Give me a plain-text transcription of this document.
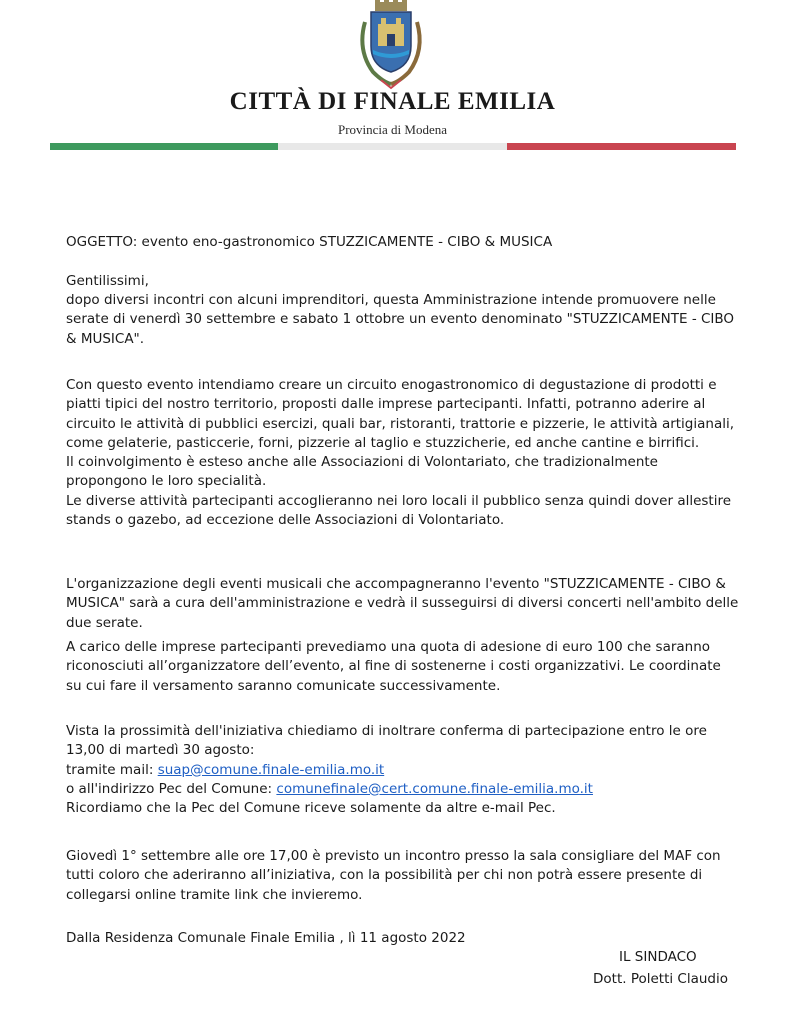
CITTÀ DI FINALE EMILIA
Provincia di Modena
OGGETTO: evento eno-gastronomico STUZZICAMENTE - CIBO & MUSICA
Gentilissimi,
dopo diversi incontri con alcuni imprenditori, questa Amministrazione intende promuovere nelle
serate di venerdì 30 settembre e sabato 1 ottobre un evento denominato "STUZZICAMENTE - CIBO
& MUSICA".
Con questo evento intendiamo creare un circuito enogastronomico di degustazione di prodotti e
piatti tipici del nostro territorio, proposti dalle imprese partecipanti. Infatti, potranno aderire al
circuito le attività di pubblici esercizi, quali bar, ristoranti, trattorie e pizzerie, le attività artigianali,
come gelaterie, pasticcerie, forni, pizzerie al taglio e stuzzicherie, ed anche cantine e birrifici.
Il coinvolgimento è esteso anche alle Associazioni di Volontariato, che tradizionalmente
propongono le loro specialità.
Le diverse attività partecipanti accoglieranno nei loro locali il pubblico senza quindi dover allestire
stands o gazebo, ad eccezione delle Associazioni di Volontariato.
L'organizzazione degli eventi musicali che accompagneranno l'evento "STUZZICAMENTE - CIBO &
MUSICA" sarà a cura dell'amministrazione e vedrà il susseguirsi di diversi concerti nell'ambito delle
due serate.
A carico delle imprese partecipanti prevediamo una quota di adesione di euro 100 che saranno
riconosciuti all’organizzatore dell’evento, al fine di sostenerne i costi organizzativi. Le coordinate
su cui fare il versamento saranno comunicate successivamente.
Vista la prossimità dell'iniziativa chiediamo di inoltrare conferma di partecipazione entro le ore
13,00 di martedì 30 agosto:
tramite mail: suap@comune.finale-emilia.mo.it
o all'indirizzo Pec del Comune: comunefinale@cert.comune.finale-emilia.mo.it
Ricordiamo che la Pec del Comune riceve solamente da altre e-mail Pec.
Giovedì 1° settembre alle ore 17,00 è previsto un incontro presso la sala consigliare del MAF con
tutti coloro che aderiranno all’iniziativa, con la possibilità per chi non potrà essere presente di
collegarsi online tramite link che invieremo.
Dalla Residenza Comunale Finale Emilia , lì 11 agosto 2022
IL SINDACO
Dott. Poletti Claudio
